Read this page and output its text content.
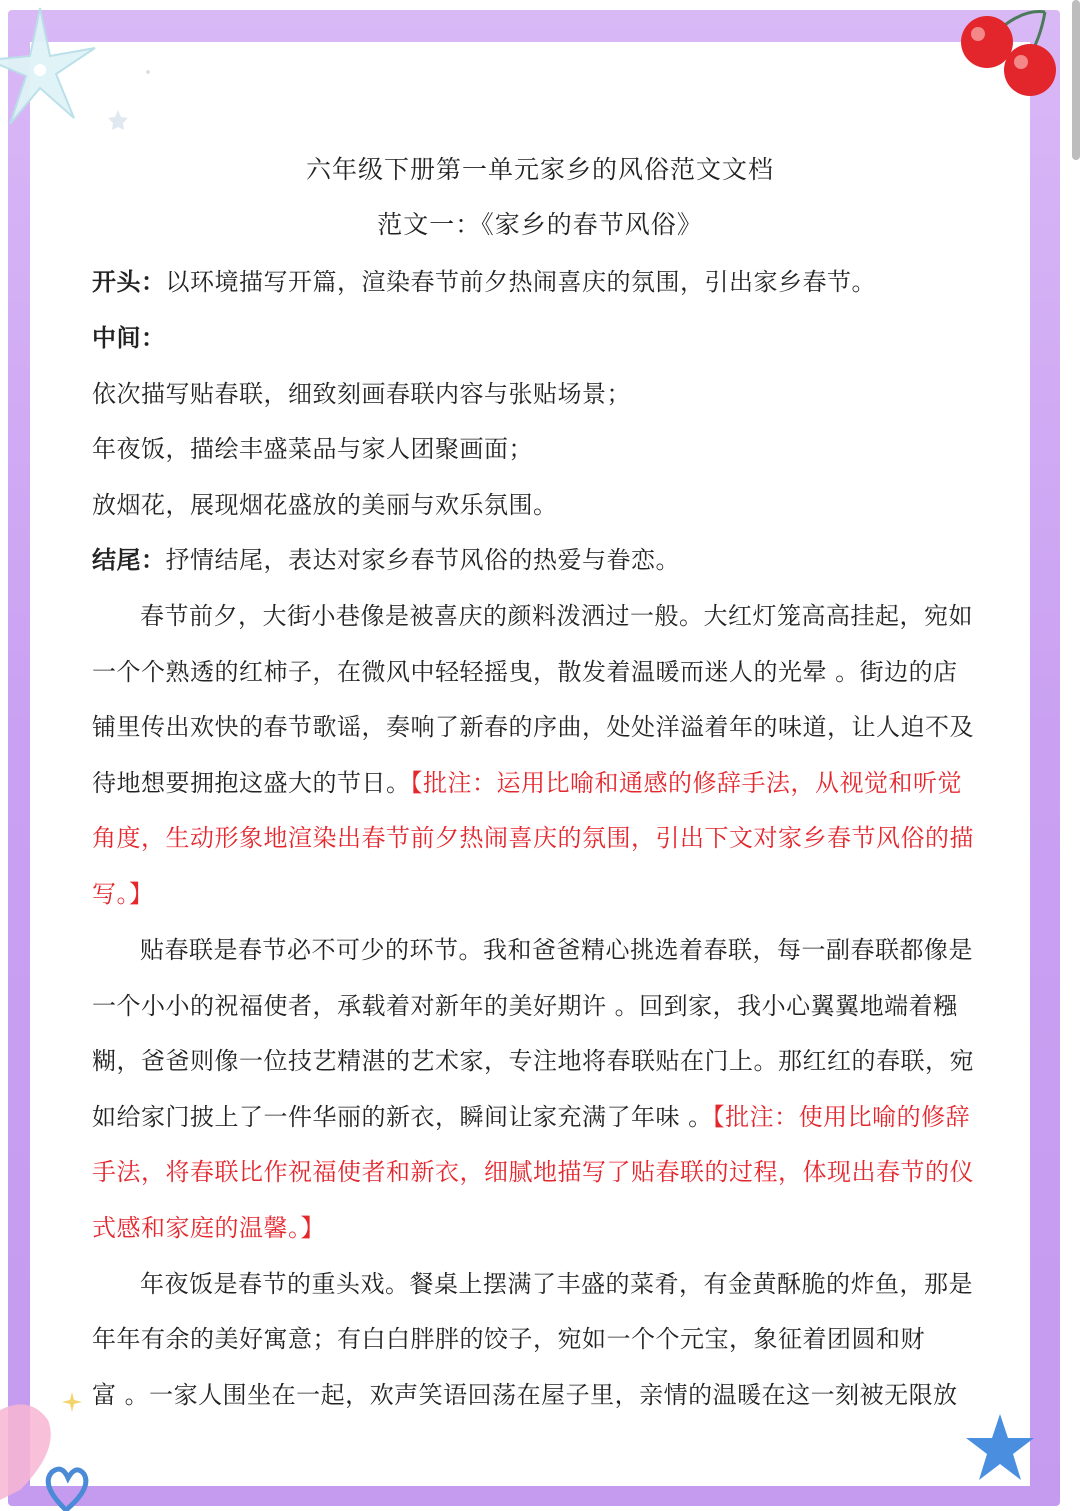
六年级下册第一单元家乡的风俗范文文档
范文一：《家乡的春节风俗》
开头：以环境描写开篇，渲染春节前夕热闹喜庆的氛围，引出家乡春节。
中间：
依次描写贴春联，细致刻画春联内容与张贴场景；
年夜饭，描绘丰盛菜品与家人团聚画面；
放烟花，展现烟花盛放的美丽与欢乐氛围。
结尾：抒情结尾，表达对家乡春节风俗的热爱与眷恋。
春节前夕，大街小巷像是被喜庆的颜料泼洒过一般。大红灯笼高高挂起，宛如
一个个熟透的红柿子，在微风中轻轻摇曳，散发着温暖而迷人的光晕 。街边的店
铺里传出欢快的春节歌谣，奏响了新春的序曲，处处洋溢着年的味道，让人迫不及
待地想要拥抱这盛大的节日。【批注：运用比喻和通感的修辞手法，从视觉和听觉
角度，生动形象地渲染出春节前夕热闹喜庆的氛围，引出下文对家乡春节风俗的描
写。】
贴春联是春节必不可少的环节。我和爸爸精心挑选着春联，每一副春联都像是
一个小小的祝福使者，承载着对新年的美好期许 。回到家，我小心翼翼地端着糨
糊，爸爸则像一位技艺精湛的艺术家，专注地将春联贴在门上。那红红的春联，宛
如给家门披上了一件华丽的新衣，瞬间让家充满了年味 。【批注：使用比喻的修辞
手法，将春联比作祝福使者和新衣，细腻地描写了贴春联的过程，体现出春节的仪
式感和家庭的温馨。】
年夜饭是春节的重头戏。餐桌上摆满了丰盛的菜肴，有金黄酥脆的炸鱼，那是
年年有余的美好寓意；有白白胖胖的饺子，宛如一个个元宝，象征着团圆和财
富 。一家人围坐在一起，欢声笑语回荡在屋子里，亲情的温暖在这一刻被无限放
